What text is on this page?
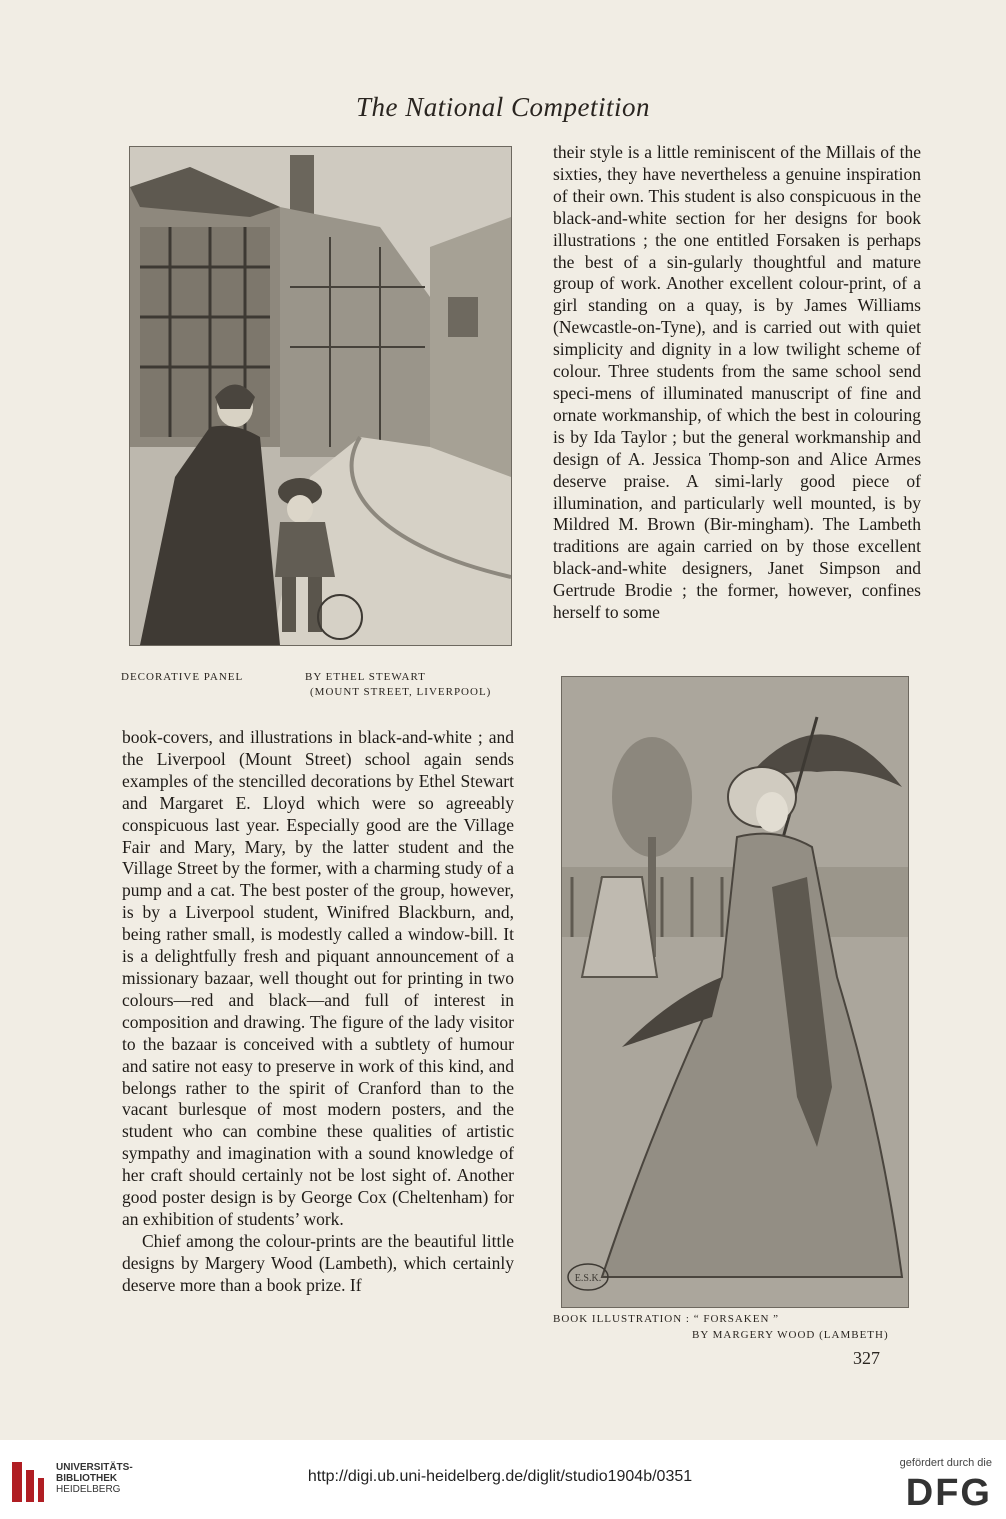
The National Competition
DECORATIVE PANEL	BY ETHEL STEWART
(MOUNT STREET, LIVERPOOL)

book-covers, and illustrations in black-and-white ; and the Liverpool (Mount Street) school again sends examples of the stencilled decorations by Ethel Stewart and Margaret E. Lloyd which were so agreeably conspicuous last year. Especially good are the Village Fair and Mary, Mary, by the latter student and the Village Street by the former, with a charming study of a pump and a cat. The best poster of the group, however, is by a Liverpool student, Winifred Blackburn, and, being rather small, is modestly called a window-bill. It is a delightfully fresh and piquant announcement of a missionary bazaar, well thought out for printing in two colours—red and black—and full of interest in composition and drawing. The figure of the lady visitor to the bazaar is conceived with a subtlety of humour and satire not easy to preserve in work of this kind, and belongs rather to the spirit of Cranford than to the vacant burlesque of most modern posters, and the student who can combine these qualities of artistic sympathy and imagination with a sound knowledge of her craft should certainly not be lost sight of. Another good poster design is by George Cox (Cheltenham) for an exhibition of students’ work.

Chief among the colour-prints are the beautiful little designs by Margery Wood (Lambeth), which certainly deserve more than a book prize. If

their style is a little reminiscent of the Millais of the sixties, they have nevertheless a genuine inspiration of their own. This student is also conspicuous in the black-and-white section for her designs for book illustrations ; the one entitled Forsaken is perhaps the best of a sin-gularly thoughtful and mature group of work. Another excellent colour-print, of a girl standing on a quay, is by James Williams (Newcastle-on-Tyne), and is carried out with quiet simplicity and dignity in a low twilight scheme of colour. Three students from the same school send speci-mens of illuminated manuscript of fine and ornate workmanship, of which the best in colouring is by Ida Taylor ; but the general workmanship and design of A. Jessica Thomp-son and Alice Armes deserve praise. A simi-larly good piece of illumination, and particularly well mounted, is by Mildred M. Brown (Bir-mingham). The Lambeth traditions are again carried on by those excellent black-and-white designers, Janet Simpson and Gertrude Brodie ; the former, however, confines herself to some

E.S.K.
BOOK ILLUSTRATION : “ FORSAKEN ”
BY MARGERY WOOD (LAMBETH)
327
UNIVERSITÄTS-
BIBLIOTHEK
HEIDELBERG
http://digi.ub.uni-heidelberg.de/diglit/studio1904b/0351
gefördert durch die
DFG
